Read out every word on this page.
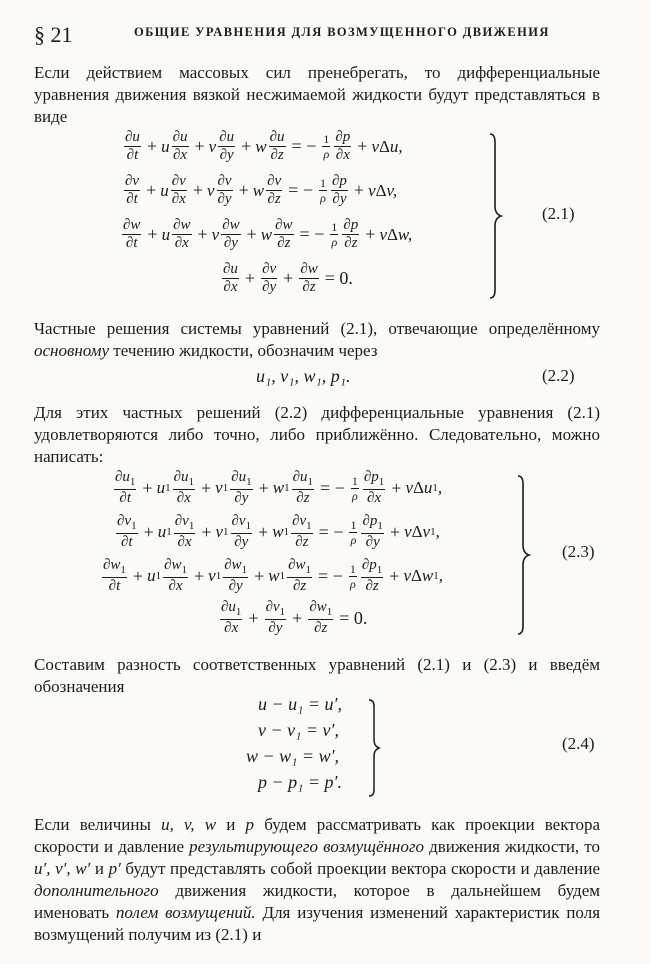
§ 21	ОБЩИЕ УРАВНЕНИЯ ДЛЯ ВОЗМУЩЕННОГО ДВИЖЕНИЯ
Если действием массовых сил пренебрегать, то дифференциальные уравнения движения вязкой несжимаемой жидкости будут представляться в виде
$\frac{\partial u}{\partial t} + u \frac{\partial u}{\partial x} + v \frac{\partial u}{\partial y} + w \frac{\partial u}{\partial z}$ = − $\frac{1}{\rho} \frac{\partial p}{\partial x} + \nu$ Δ u,
$\frac{\partial v}{\partial t} + u \frac{\partial v}{\partial x} + v \frac{\partial v}{\partial y} + w \frac{\partial v}{\partial z}$ = − $\frac{1}{\rho} \frac{\partial p}{\partial y} + \nu$ Δ v,
$\frac{\partial w}{\partial t} + u \frac{\partial w}{\partial x} + v \frac{\partial w}{\partial y} + w \frac{\partial w}{\partial z}$ = − $\frac{1}{\rho} \frac{\partial p}{\partial z} + \nu$ Δ w,
$\frac{\partial u}{\partial x} + \frac{\partial v}{\partial y} + \frac{\partial w}{\partial z} = 0$.
(2.1)
Частные решения системы уравнений (2.1), отвечающие определённому основному течению жидкости, обозначим через
u₁, v₁, w₁, p₁.	(2.2)
Для этих частных решений (2.2) дифференциальные уравнения (2.1) удовлетворяются либо точно, либо приближённо. Следовательно, можно написать:
$\frac{\partial u_1}{\partial t} + u$ $1 \frac{\partial u_1}{\partial x} + v$ $1 \frac{\partial u_1}{\partial y} + w$ $1 \frac{\partial u_1}{\partial z}$ = − $\frac{1}{\rho} \frac{\partial p_1}{\partial x} + \nu$ Δ u 1 ,
$\frac{\partial v_1}{\partial t} + u$ $1 \frac{\partial v_1}{\partial x} + v$ $1 \frac{\partial v_1}{\partial y} + w$ $1 \frac{\partial v_1}{\partial z}$ = − $\frac{1}{\rho} \frac{\partial p_1}{\partial y} + \nu$ Δ v 1 ,
$\frac{\partial w_1}{\partial t} + u$ $1 \frac{\partial w_1}{\partial x} + v$ $1 \frac{\partial w_1}{\partial y} + w$ $1 \frac{\partial w_1}{\partial z}$ = − $\frac{1}{\rho} \frac{\partial p_1}{\partial z} + \nu$ Δ w 1 ,
$\frac{\partial u_1}{\partial x} + \frac{\partial v_1}{\partial y} + \frac{\partial w_1}{\partial z} = 0$.
(2.3)
Составим разность соответственных уравнений (2.1) и (2.3) и введём обозначения
u − u₁ = u′,
v − v₁ = v′,
w − w₁ = w′,
p − p₁ = p′.
(2.4)
Если величины u, v, w и p будем рассматривать как проекции вектора скорости и давление результирующего возмущённого движения жидкости, то u′, v′, w′ и p′ будут представлять собой проекции вектора скорости и давление дополнительного движения жидкости, которое в дальнейшем будем именовать полем возмущений. Для изучения изменений характеристик поля возмущений получим из (2.1) и
